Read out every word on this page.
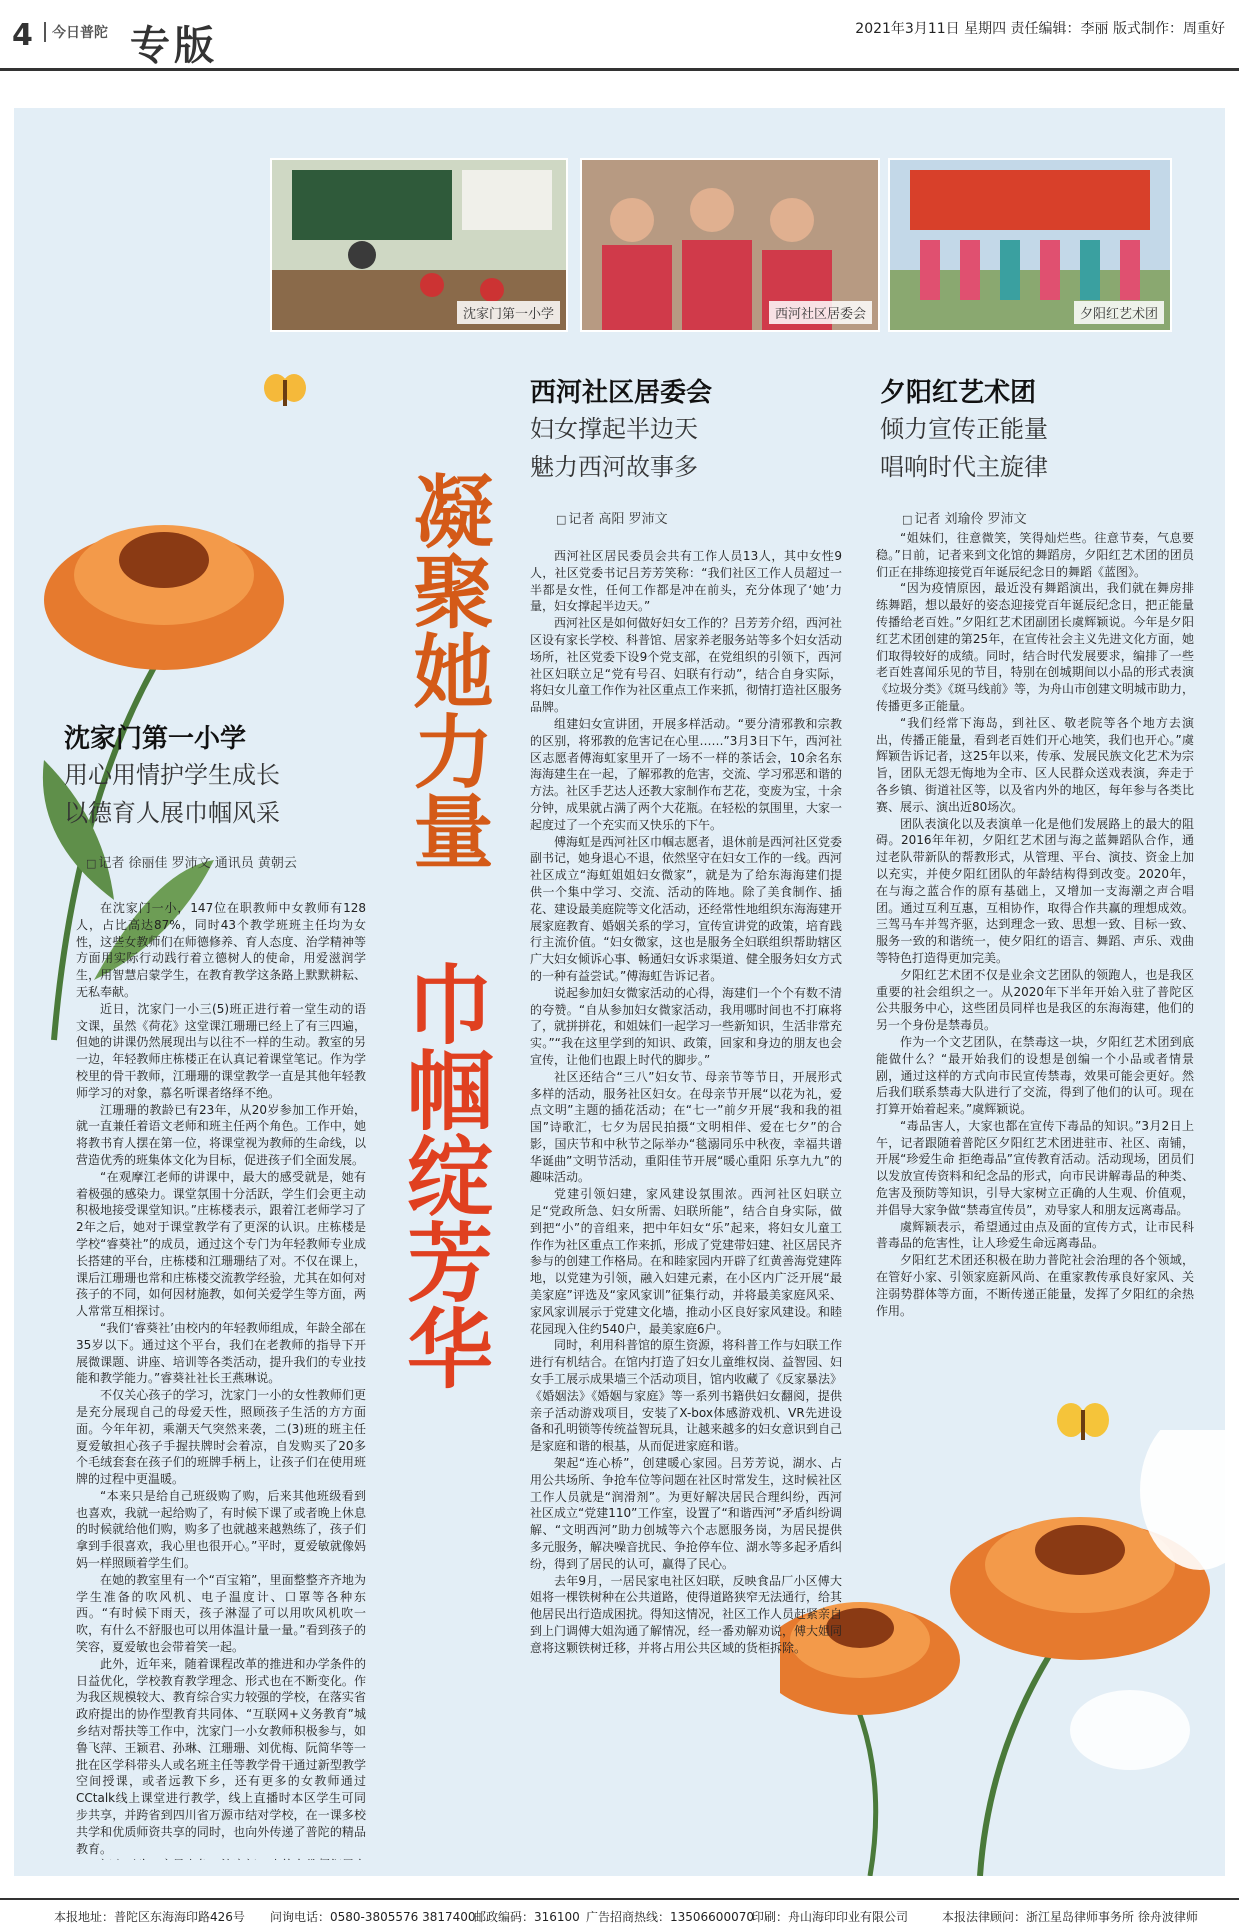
4	今日普陀 专版	2021年3月11日 星期四 责任编辑：李丽 版式制作：周重好
沈家门第一小学	西河社区居委会	夕阳红艺术团
凝聚她力量
巾帼绽芳华
沈家门第一小学
用心用情护学生成长
以德育人展巾帼风采
□ 记者 徐丽佳 罗沛文 通讯员 黄朝云

在沈家门一小，147位在职教师中女教师有128人，占比高达87%，同时43个教学班班主任均为女性，这些女教师们在师德修养、育人态度、治学精神等方面用实际行动践行着立德树人的使命，用爱滋润学生，用智慧启蒙学生，在教育教学这条路上默默耕耘、无私奉献。

近日，沈家门一小三(5)班正进行着一堂生动的语文课，虽然《荷花》这堂课江珊珊已经上了有三四遍，但她的讲课仍然展现出与以往不一样的生动。教室的另一边，年轻教师庄栋楼正在认真记着课堂笔记。作为学校里的骨干教师，江珊珊的课堂教学一直是其他年轻教师学习的对象，慕名听课者络绎不绝。

江珊珊的教龄已有23年，从20岁参加工作开始，就一直兼任着语文老师和班主任两个角色。工作中，她将教书育人摆在第一位，将课堂视为教师的生命线，以营造优秀的班集体文化为目标，促进孩子们全面发展。

“在观摩江老师的讲课中，最大的感受就是，她有着极强的感染力。课堂氛围十分活跃，学生们会更主动积极地接受课堂知识。”庄栋楼表示，跟着江老师学习了2年之后，她对于课堂教学有了更深的认识。庄栋楼是学校“睿葵社”的成员，通过这个专门为年轻教师专业成长搭建的平台，庄栋楼和江珊珊结了对。不仅在课上，课后江珊珊也常和庄栋楼交流教学经验，尤其在如何对孩子的不同，如何因材施教，如何关爱学生等方面，两人常常互相探讨。

“我们‘睿葵社’由校内的年轻教师组成，年龄全部在35岁以下。通过这个平台，我们在老教师的指导下开展微课题、讲座、培训等各类活动，提升我们的专业技能和教学能力。”睿葵社社长王燕琳说。

不仅关心孩子的学习，沈家门一小的女性教师们更是充分展现自己的母爱天性，照顾孩子生活的方方面面。今年年初，乘潮天气突然来袭，二(3)班的班主任夏爱敏担心孩子手握扶牌时会着凉，自发购买了20多个毛绒套套在孩子们的班牌手柄上，让孩子们在使用班牌的过程中更温暖。

“本来只是给自己班级购了购，后来其他班级看到也喜欢，我就一起给购了，有时候下课了或者晚上休息的时候就给他们购，购多了也就越来越熟练了，孩子们拿到手很喜欢，我心里也很开心。”平时，夏爱敏就像妈妈一样照顾着学生们。

在她的教室里有一个“百宝箱”，里面整整齐齐地为学生准备的吹风机、电子温度计、口罩等各种东西。“有时候下雨天，孩子淋湿了可以用吹风机吹一吹，有什么不舒服也可以用体温计量一量。”看到孩子的笑容，夏爱敏也会带着笑一起。

此外，近年来，随着课程改革的推进和办学条件的日益优化，学校教育教学理念、形式也在不断变化。作为我区规模较大、教育综合实力较强的学校，在落实省政府提出的协作型教育共同体、“互联网+义务教育”城乡结对帮扶等工作中，沈家门一小女教师积极参与，如鲁飞萍、王颖君、孙琳、江珊珊、刘优梅、阮简华等一批在区学科带头人或名班主任等教学骨干通过新型教学空间授课，或者远教下乡，还有更多的女教师通过CCtalk线上课堂进行教学，线上直播时本区学生可同步共享，并跨省到四川省万源市结对学校，在一课多校共学和优质师资共享的同时，也向外传递了普陀的精品教育。

西河社区居委会
妇女撑起半边天
魅力西河故事多
□ 记者 高阳 罗沛文

西河社区居民委员会共有工作人员13人，其中女性9人，社区党委书记吕芳芳笑称：“我们社区工作人员超过一半都是女性，任何工作都是冲在前头，充分体现了‘她’力量，妇女撑起半边天。”

西河社区是如何做好妇女工作的？吕芳芳介绍，西河社区设有家长学校、科普馆、居家养老服务站等多个妇女活动场所，社区党委下设9个党支部，在党组织的引领下，西河社区妇联立足“党有号召、妇联有行动”，结合自身实际，将妇女儿童工作作为社区重点工作来抓，彻情打造社区服务品牌。

组建妇女宣讲团，开展多样活动。“要分清邪教和宗教的区别，将邪教的危害记在心里……”3月3日下午，西河社区志愿者傅海虹家里开了一场不一样的茶话会，10余名东海海建生在一起，了解邪教的危害，交流、学习邪恶和谐的方法。社区手艺达人还教大家制作布艺花，变废为宝，十余分钟，成果就占满了两个大花瓶。在轻松的氛围里，大家一起度过了一个充实而又快乐的下午。

傅海虹是西河社区巾帼志愿者，退休前是西河社区党委副书记，她身退心不退，依然坚守在妇女工作的一线。西河社区成立“海虹姐姐妇女微家”，就是为了给东海海建们提供一个集中学习、交流、活动的阵地。除了美食制作、插花、建设最美庭院等文化活动，还经常性地组织东海海建开展家庭教育、婚姻关系的学习，宣传宣讲党的政策，培育践行主流价值。“妇女微家，这也是服务全妇联组织帮助辖区广大妇女倾诉心事、畅通妇女诉求渠道、健全服务妇女方式的一种有益尝试。”傅海虹告诉记者。

说起参加妇女微家活动的心得，海建们一个个有数不清的夸赞。“自从参加妇女微家活动，我用哪时间也不打麻将了，就拼拼花，和姐妹们一起学习一些新知识，生活非常充实。”“我在这里学到的知识、政策，回家和身边的朋友也会宣传，让他们也跟上时代的脚步。”

社区还结合“三八”妇女节、母亲节等节日，开展形式多样的活动，服务社区妇女。在母亲节开展“以花为礼，爱点文明”主题的插花活动；在“七一”前夕开展“我和我的祖国”诗歌汇，七夕为居民拍摄“文明相伴、爱在七夕”的合影，国庆节和中秋节之际举办“毯溺同乐中秋夜，幸福共谱华诞曲”文明节活动，重阳佳节开展“暖心重阳 乐享九九”的趣味活动。

党建引领妇建，家风建设氛围浓。西河社区妇联立足“党政所急、妇女所需、妇联所能”，结合自身实际，做到把“小”的音组来，把中年妇女“乐”起来，将妇女儿童工作作为社区重点工作来抓，形成了党建带妇建、社区居民齐参与的创建工作格局。在和睦家园内开辟了红黄善海党建阵地，以党建为引领，融入妇建元素，在小区内广泛开展“最美家庭”评选及“家风家训”征集行动，并将最美家庭风采、家风家训展示于党建文化墙，推动小区良好家风建设。和睦花园现入住约540户，最美家庭6户。

同时，利用科普馆的原生资源，将科普工作与妇联工作进行有机结合。在馆内打造了妇女儿童维权岗、益智园、妇女手工展示成果墙三个活动项目，馆内收藏了《反家暴法》《婚姻法》《婚姻与家庭》等一系列书籍供妇女翻阅，提供亲子活动游戏项目，安装了X-box体感游戏机、VR先进设备和孔明锁等传统益智玩具，让越来越多的妇女意识到自己是家庭和谐的根基，从而促进家庭和谐。

架起“连心桥”，创建暖心家园。吕芳芳说，湖水、占用公共场所、争抢车位等问题在社区时常发生，这时候社区工作人员就是“润滑剂”。为更好解决居民合理纠纷，西河社区成立“党建110”工作室，设置了“和谐西河”矛盾纠纷调解、“文明西河”助力创城等六个志愿服务岗，为居民提供多元服务，解决噪音扰民、争抢停车位、湖水等多起矛盾纠纷，得到了居民的认可，赢得了民心。

去年9月，一居民家电社区妇联，反映食品厂小区傅大姐将一棵铁树种在公共道路，使得道路狭窄无法通行，给其他居民出行造成困扰。得知这情况，社区工作人员赶紧亲自到上门调傅大姐沟通了解情况，经一番劝解劝说，傅大姐同意将这颗铁树迁移，并将占用公共区域的货柜拆除。

夕阳红艺术团
倾力宣传正能量
唱响时代主旋律
□ 记者 刘瑜伶 罗沛文

“姐妹们，往意微笑，笑得灿烂些。往意节奏，气息要稳。”日前，记者来到文化馆的舞蹈房，夕阳红艺术团的团员们正在排练迎接党百年诞辰纪念日的舞蹈《蓝图》。

“因为疫情原因，最近没有舞蹈演出，我们就在舞房排练舞蹈，想以最好的姿态迎接党百年诞辰纪念日，把正能量传播给老百姓。”夕阳红艺术团副团长虞辉颖说。今年是夕阳红艺术团创建的第25年，在宣传社会主义先进文化方面，她们取得较好的成绩。同时，结合时代发展要求，编排了一些老百姓喜闻乐见的节目，特别在创城期间以小品的形式表演《垃圾分类》《斑马线前》等，为舟山市创建文明城市助力，传播更多正能量。

“我们经常下海岛，到社区、敬老院等各个地方去演出，传播正能量，看到老百姓们开心地笑，我们也开心。”虞辉颖告诉记者，这25年以来，传承、发展民族文化艺术为宗旨，团队无怨无悔地为全市、区人民群众送戏表演，奔走于各乡镇、街道社区等，以及省内外的地区，每年参与各类比赛、展示、演出近80场次。

团队表演化以及表演单一化是他们发展路上的最大的阻碍。2016年年初，夕阳红艺术团与海之蓝舞蹈队合作，通过老队带新队的帮教形式，从管理、平台、演技、资金上加以充实，并使夕阳红团队的年龄结构得到改变。2020年，在与海之蓝合作的原有基础上，又增加一支海潮之声合唱团。通过互利互惠，互相协作，取得合作共赢的理想成效。三驾马车并驾齐驱，达到理念一致、思想一致、目标一致、服务一致的和谐统一，使夕阳红的语言、舞蹈、声乐、戏曲等特色打造得更加完美。

夕阳红艺术团不仅是业余文艺团队的领跑人，也是我区重要的社会组织之一。从2020年下半年开始入驻了普陀区公共服务中心，这些团员同样也是我区的东海海建，他们的另一个身份是禁毒员。

作为一个文艺团队，在禁毒这一块，夕阳红艺术团到底能做什么？“最开始我们的设想是创编一个小品或者情景剧，通过这样的方式向市民宣传禁毒，效果可能会更好。然后我们联系禁毒大队进行了交流，得到了他们的认可。现在打算开始着起来。”虞辉颖说。

“毒品害人，大家也都在宣传下毒品的知识。”3月2日上午，记者跟随着普陀区夕阳红艺术团进驻市、社区、南铺，开展“珍爱生命 拒绝毒品”宣传教育活动。活动现场，团员们以发放宣传资料和纪念品的形式，向市民讲解毒品的种类、危害及预防等知识，引导大家树立正确的人生观、价值观，并倡导大家争做“禁毒宣传员”，劝导家人和朋友远离毒品。

虞辉颖表示，希望通过由点及面的宣传方式，让市民科普毒品的危害性，让人珍爱生命远离毒品。

夕阳红艺术团还积极在助力普陀社会治理的各个领域，在管好小家、引领家庭新风尚、在重家教传承良好家风、关注弱势群体等方面，不断传递正能量，发挥了夕阳红的余热作用。

本报地址：普陀区东海海印路426号 问询电话：0580-3805576 3817400
邮政编码：316100 广告招商热线：13506600070
印刷：舟山海印印业有限公司	本报法律顾问：浙江星岛律师事务所 徐舟波律师
